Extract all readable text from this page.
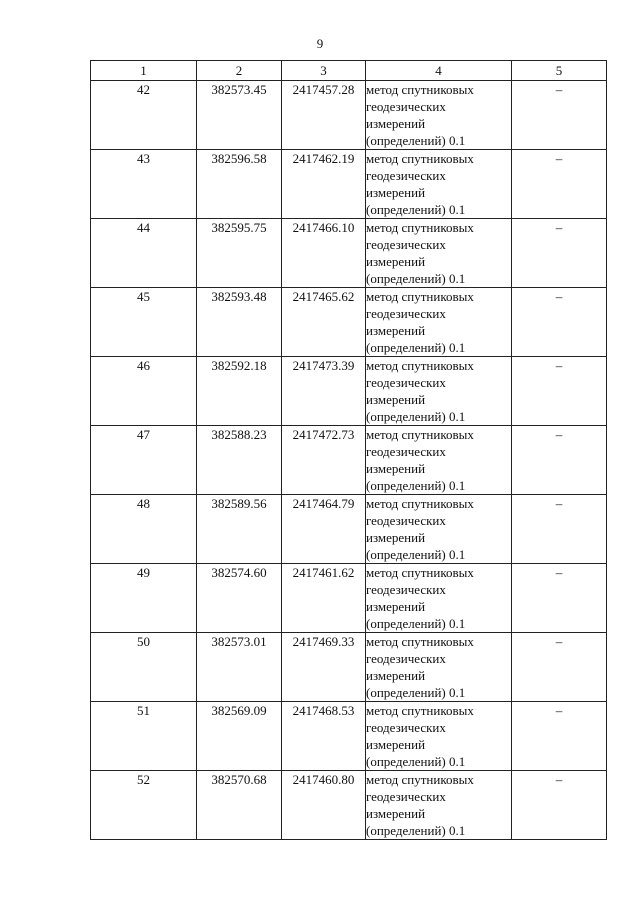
9
1	2	3	4	5
42	382573.45	2417457.28	метод спутниковых
геодезических
измерений
(определений) 0.1	–
43	382596.58	2417462.19	метод спутниковых
геодезических
измерений
(определений) 0.1	–
44	382595.75	2417466.10	метод спутниковых
геодезических
измерений
(определений) 0.1	–
45	382593.48	2417465.62	метод спутниковых
геодезических
измерений
(определений) 0.1	–
46	382592.18	2417473.39	метод спутниковых
геодезических
измерений
(определений) 0.1	–
47	382588.23	2417472.73	метод спутниковых
геодезических
измерений
(определений) 0.1	–
48	382589.56	2417464.79	метод спутниковых
геодезических
измерений
(определений) 0.1	–
49	382574.60	2417461.62	метод спутниковых
геодезических
измерений
(определений) 0.1	–
50	382573.01	2417469.33	метод спутниковых
геодезических
измерений
(определений) 0.1	–
51	382569.09	2417468.53	метод спутниковых
геодезических
измерений
(определений) 0.1	–
52	382570.68	2417460.80	метод спутниковых
геодезических
измерений
(определений) 0.1	–
